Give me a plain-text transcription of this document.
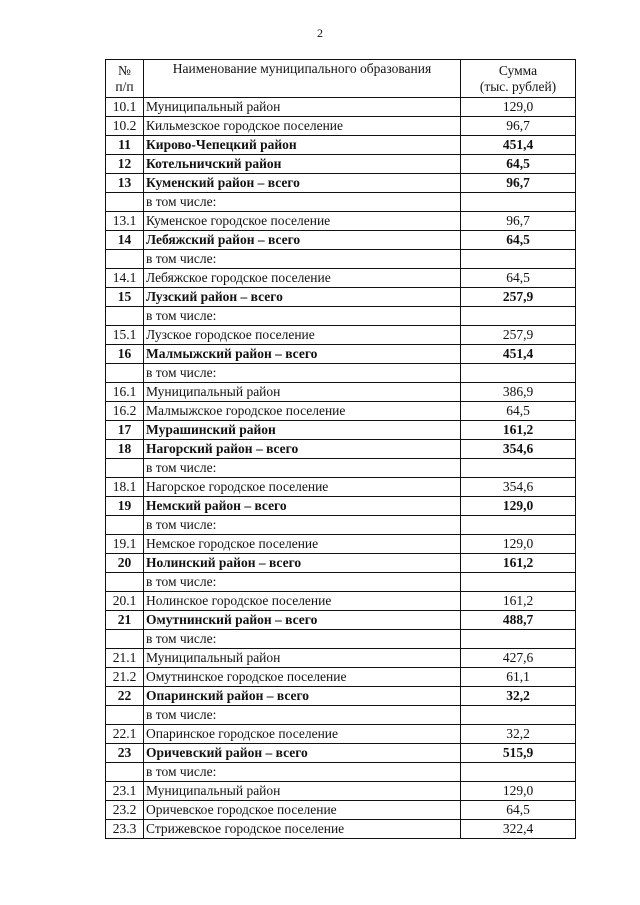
2
№
п/п	Наименование муниципального образования	Сумма
(тыс. рублей)

10.1	Муниципальный район	129,0
10.2	Кильмезское городское поселение	96,7
11	Кирово-Чепецкий район	451,4
12	Котельничский район	64,5
13	Куменский район – всего	96,7
	в том числе:	
13.1	Куменское городское поселение	96,7
14	Лебяжский район – всего	64,5
	в том числе:	
14.1	Лебяжское городское поселение	64,5
15	Лузский район – всего	257,9
	в том числе:	
15.1	Лузское городское поселение	257,9
16	Малмыжский район – всего	451,4
	в том числе:	
16.1	Муниципальный район	386,9
16.2	Малмыжское городское поселение	64,5
17	Мурашинский район	161,2
18	Нагорский район – всего	354,6
	в том числе:	
18.1	Нагорское городское поселение	354,6
19	Немский район – всего	129,0
	в том числе:	
19.1	Немское городское поселение	129,0
20	Нолинский район – всего	161,2
	в том числе:	
20.1	Нолинское городское поселение	161,2
21	Омутнинский район – всего	488,7
	в том числе:	
21.1	Муниципальный район	427,6
21.2	Омутнинское городское поселение	61,1
22	Опаринский район – всего	32,2
	в том числе:	
22.1	Опаринское городское поселение	32,2
23	Оричевский район – всего	515,9
	в том числе:	
23.1	Муниципальный район	129,0
23.2	Оричевское городское поселение	64,5
23.3	Стрижевское городское поселение	322,4
